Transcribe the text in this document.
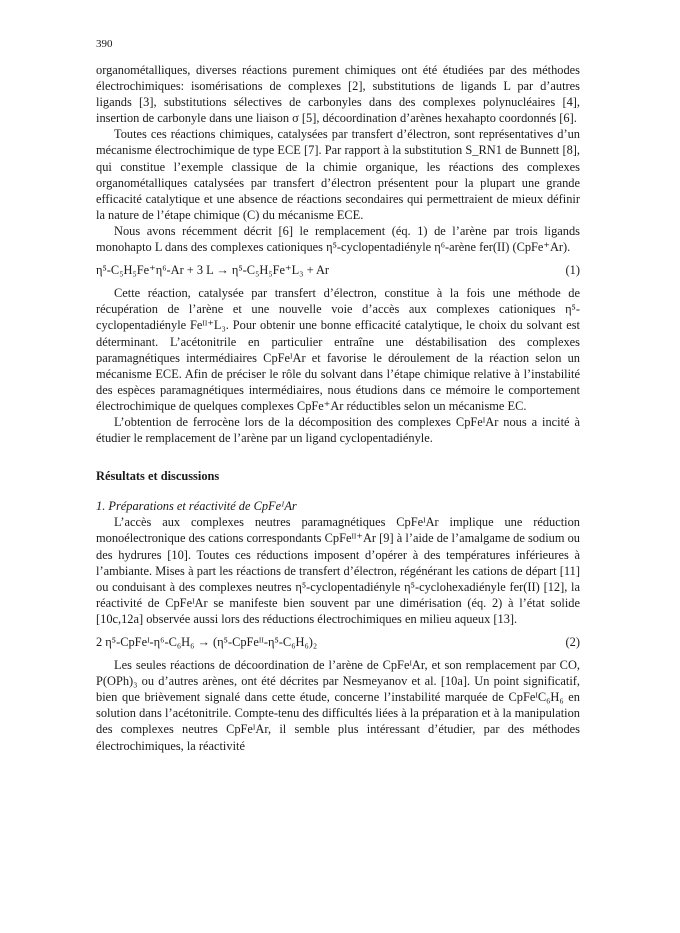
390

organométalliques, diverses réactions purement chimiques ont été étudiées par des méthodes électrochimiques: isomérisations de complexes [2], substitutions de ligands L par d’autres ligands [3], substitutions sélectives de carbonyles dans des complexes polynucléaires [4], insertion de carbonyle dans une liaison σ [5], décoordination d’arènes hexahapto coordonnés [6].

Toutes ces réactions chimiques, catalysées par transfert d’électron, sont représentatives d’un mécanisme électrochimique de type ECE [7]. Par rapport à la substitution S_RN1 de Bunnett [8], qui constitue l’exemple classique de la chimie organique, les réactions des complexes organométalliques catalysées par transfert d’électron présentent pour la plupart une grande efficacité catalytique et une absence de réactions secondaires qui permettraient de mieux définir la nature de l’étape chimique (C) du mécanisme ECE.

Nous avons récemment décrit [6] le remplacement (éq. 1) de l’arène par trois ligands monohapto L dans des complexes cationiques η⁵-cyclopentadiényle η⁶-arène fer(II) (CpFe⁺Ar).

η⁵-C₅H₅Fe⁺η⁶-Ar + 3 L → η⁵-C₅H₅Fe⁺L₃ + Ar	(1)

Cette réaction, catalysée par transfert d’électron, constitue à la fois une méthode de récupération de l’arène et une nouvelle voie d’accès aux complexes cationiques η⁵-cyclopentadiényle Feᴵᴵ⁺L₃. Pour obtenir une bonne efficacité catalytique, le choix du solvant est déterminant. L’acétonitrile en particulier entraîne une déstabilisation des complexes paramagnétiques intermédiaires CpFeᴵAr et favorise le déroulement de la réaction selon un mécanisme ECE. Afin de préciser le rôle du solvant dans l’étape chimique relative à l’instabilité des espèces paramagnétiques intermédiaires, nous étudions dans ce mémoire le comportement électrochimique de quelques complexes CpFe⁺Ar réductibles selon un mécanisme EC.

L’obtention de ferrocène lors de la décomposition des complexes CpFeᴵAr nous a incité à étudier le remplacement de l’arène par un ligand cyclopentadiényle.

Résultats et discussions
1. Préparations et réactivité de CpFeᴵAr

L’accès aux complexes neutres paramagnétiques CpFeᴵAr implique une réduction monoélectronique des cations correspondants CpFeᴵᴵ⁺Ar [9] à l’aide de l’amalgame de sodium ou des hydrures [10]. Toutes ces réductions imposent d’opérer à des températures inférieures à l’ambiante. Mises à part les réactions de transfert d’électron, régénérant les cations de départ [11] ou conduisant à des complexes neutres η⁵-cyclopentadiényle η⁵-cyclohexadiényle fer(II) [12], la réactivité de CpFeᴵAr se manifeste bien souvent par une dimérisation (éq. 2) à l’état solide [10c,12a] observée aussi lors des réductions électrochimiques en milieu aqueux [13].

2 η⁵-CpFeᴵ-η⁶-C₆H₆ → (η⁵-CpFeᴵᴵ-η⁵-C₆H₆)₂	(2)

Les seules réactions de décoordination de l’arène de CpFeᴵAr, et son remplacement par CO, P(OPh)₃ ou d’autres arènes, ont été décrites par Nesmeyanov et al. [10a]. Un point significatif, bien que brièvement signalé dans cette étude, concerne l’instabilité marquée de CpFeᴵC₆H₆ en solution dans l’acétonitrile. Compte-tenu des difficultés liées à la préparation et à la manipulation des complexes neutres CpFeᴵAr, il semble plus intéressant d’étudier, par des méthodes électrochimiques, la réactivité
